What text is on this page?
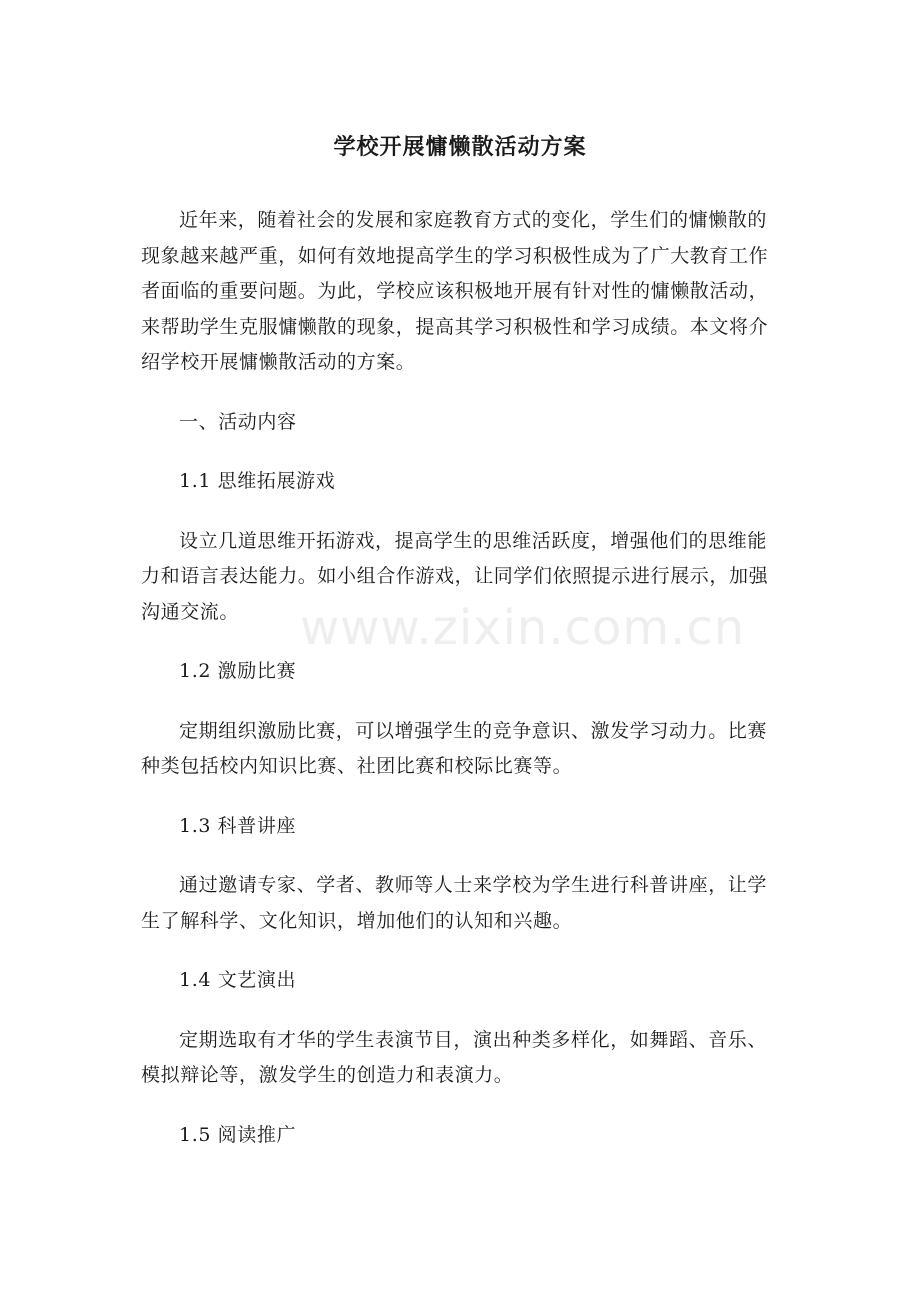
学校开展慵懒散活动方案

近年来，随着社会的发展和家庭教育方式的变化，学生们的慵懒散的现象越来越严重，如何有效地提高学生的学习积极性成为了广大教育工作者面临的重要问题。为此，学校应该积极地开展有针对性的慵懒散活动，来帮助学生克服慵懒散的现象，提高其学习积极性和学习成绩。本文将介绍学校开展慵懒散活动的方案。

一、活动内容

1.1 思维拓展游戏

设立几道思维开拓游戏，提高学生的思维活跃度，增强他们的思维能力和语言表达能力。如小组合作游戏，让同学们依照提示进行展示，加强沟通交流。

1.2 激励比赛

定期组织激励比赛，可以增强学生的竞争意识、激发学习动力。比赛种类包括校内知识比赛、社团比赛和校际比赛等。

1.3 科普讲座

通过邀请专家、学者、教师等人士来学校为学生进行科普讲座，让学生了解科学、文化知识，增加他们的认知和兴趣。

1.4 文艺演出

定期选取有才华的学生表演节目，演出种类多样化，如舞蹈、音乐、模拟辩论等，激发学生的创造力和表演力。

1.5 阅读推广

www.zixin.com.cn
